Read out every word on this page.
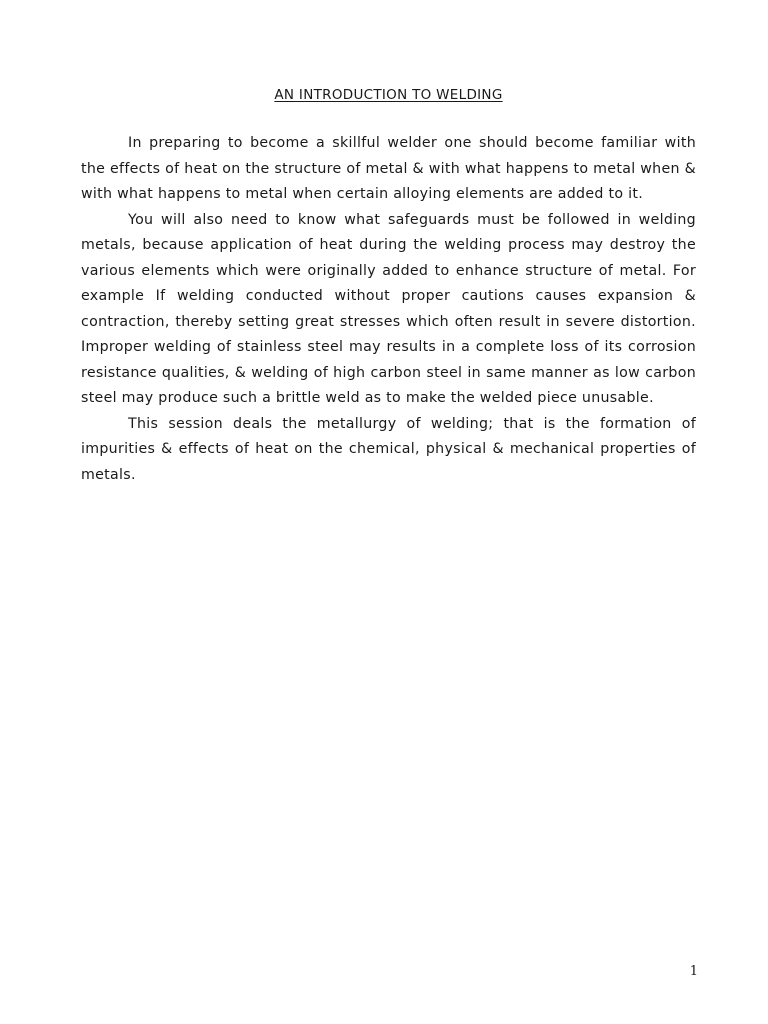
AN INTRODUCTION TO WELDING

In preparing to become a skillful welder one should become familiar with the effects of heat on the structure of metal & with what happens to metal when & with what happens to metal when certain alloying elements are added to it.

You will also need to know what safeguards must be followed in welding metals, because application of heat during the welding process may destroy the various elements which were originally added to enhance structure of metal. For example If welding conducted without proper cautions causes expansion & contraction, thereby setting great stresses which often result in severe distortion. Improper welding of stainless steel may results in a complete loss of its corrosion resistance qualities, & welding of high carbon steel in same manner as low carbon steel may produce such a brittle weld as to make the welded piece unusable.

This session deals the metallurgy of welding; that is the formation of impurities & effects of heat on the chemical, physical & mechanical properties of metals.

1
